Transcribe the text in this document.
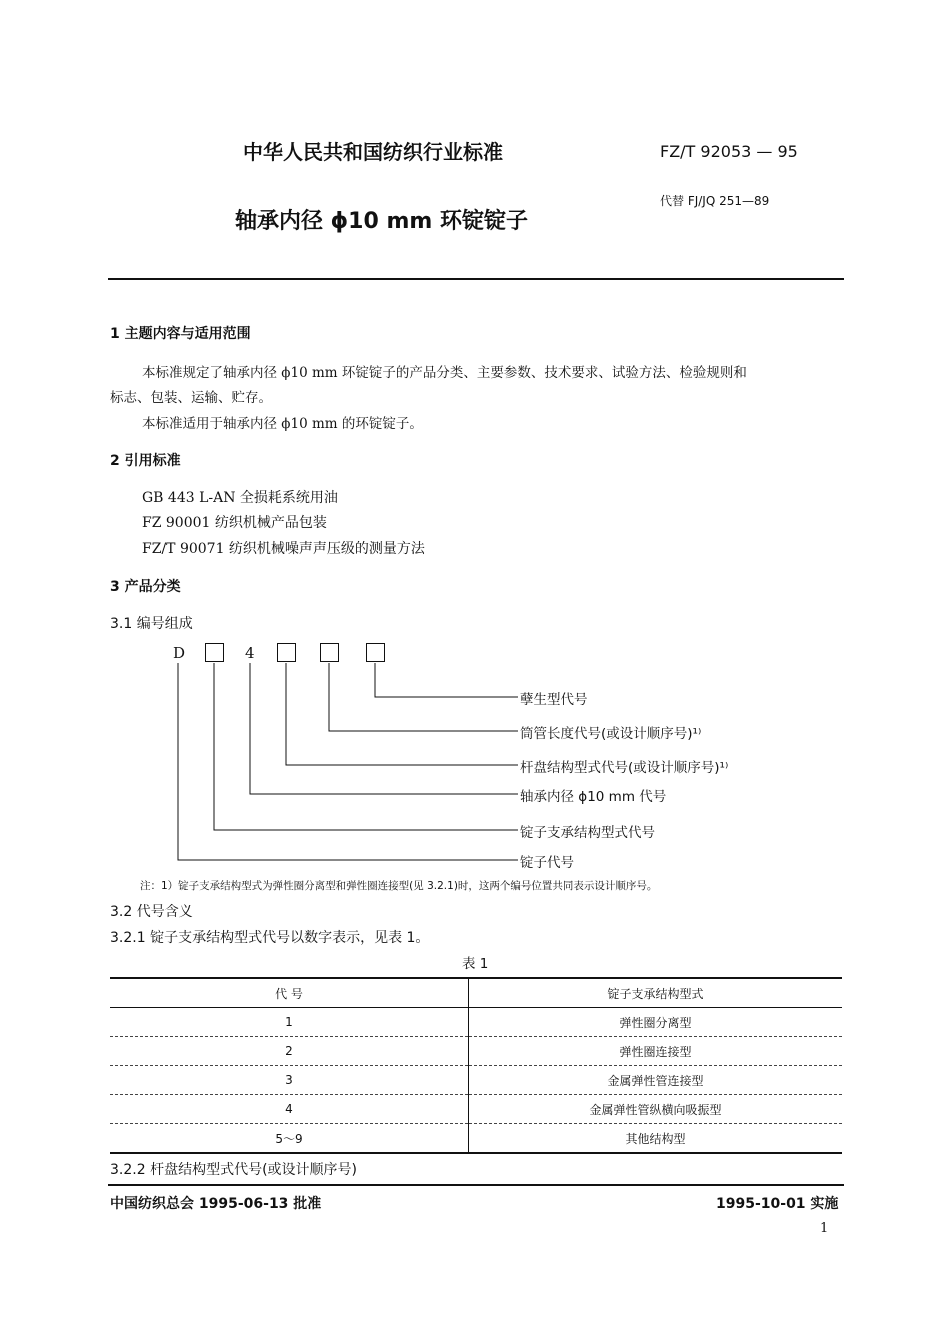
中华人民共和国纺织行业标准	FZ/T 92053 — 95
代替 FJ/JQ 251—89
轴承内径 ϕ10 mm 环锭锭子
1 主题内容与适用范围
本标准规定了轴承内径 ϕ10 mm 环锭锭子的产品分类、主要参数、技术要求、试验方法、检验规则和
标志、包装、运输、贮存。
本标准适用于轴承内径 ϕ10 mm 的环锭锭子。
2 引用标准
GB 443 L-AN 全损耗系统用油
FZ 90001 纺织机械产品包装
FZ/T 90071 纺织机械噪声声压级的测量方法
3 产品分类
3.1 编号组成
D	4
孽生型代号
筒管长度代号(或设计顺序号)¹⁾
杆盘结构型式代号(或设计顺序号)¹⁾
轴承内径 ϕ10 mm 代号
锭子支承结构型式代号
锭子代号
注：1）锭子支承结构型式为弹性圈分离型和弹性圈连接型(见 3.2.1)时，这两个编号位置共同表示设计顺序号。
3.2 代号含义
3.2.1 锭子支承结构型式代号以数字表示，见表 1。
表 1
代 号	锭子支承结构型式
1	弹性圈分离型
2	弹性圈连接型
3	金属弹性管连接型
4	金属弹性管纵横向吸振型
5～9	其他结构型
3.2.2 杆盘结构型式代号(或设计顺序号)
中国纺织总会 1995-06-13 批准	1995-10-01 实施
1
